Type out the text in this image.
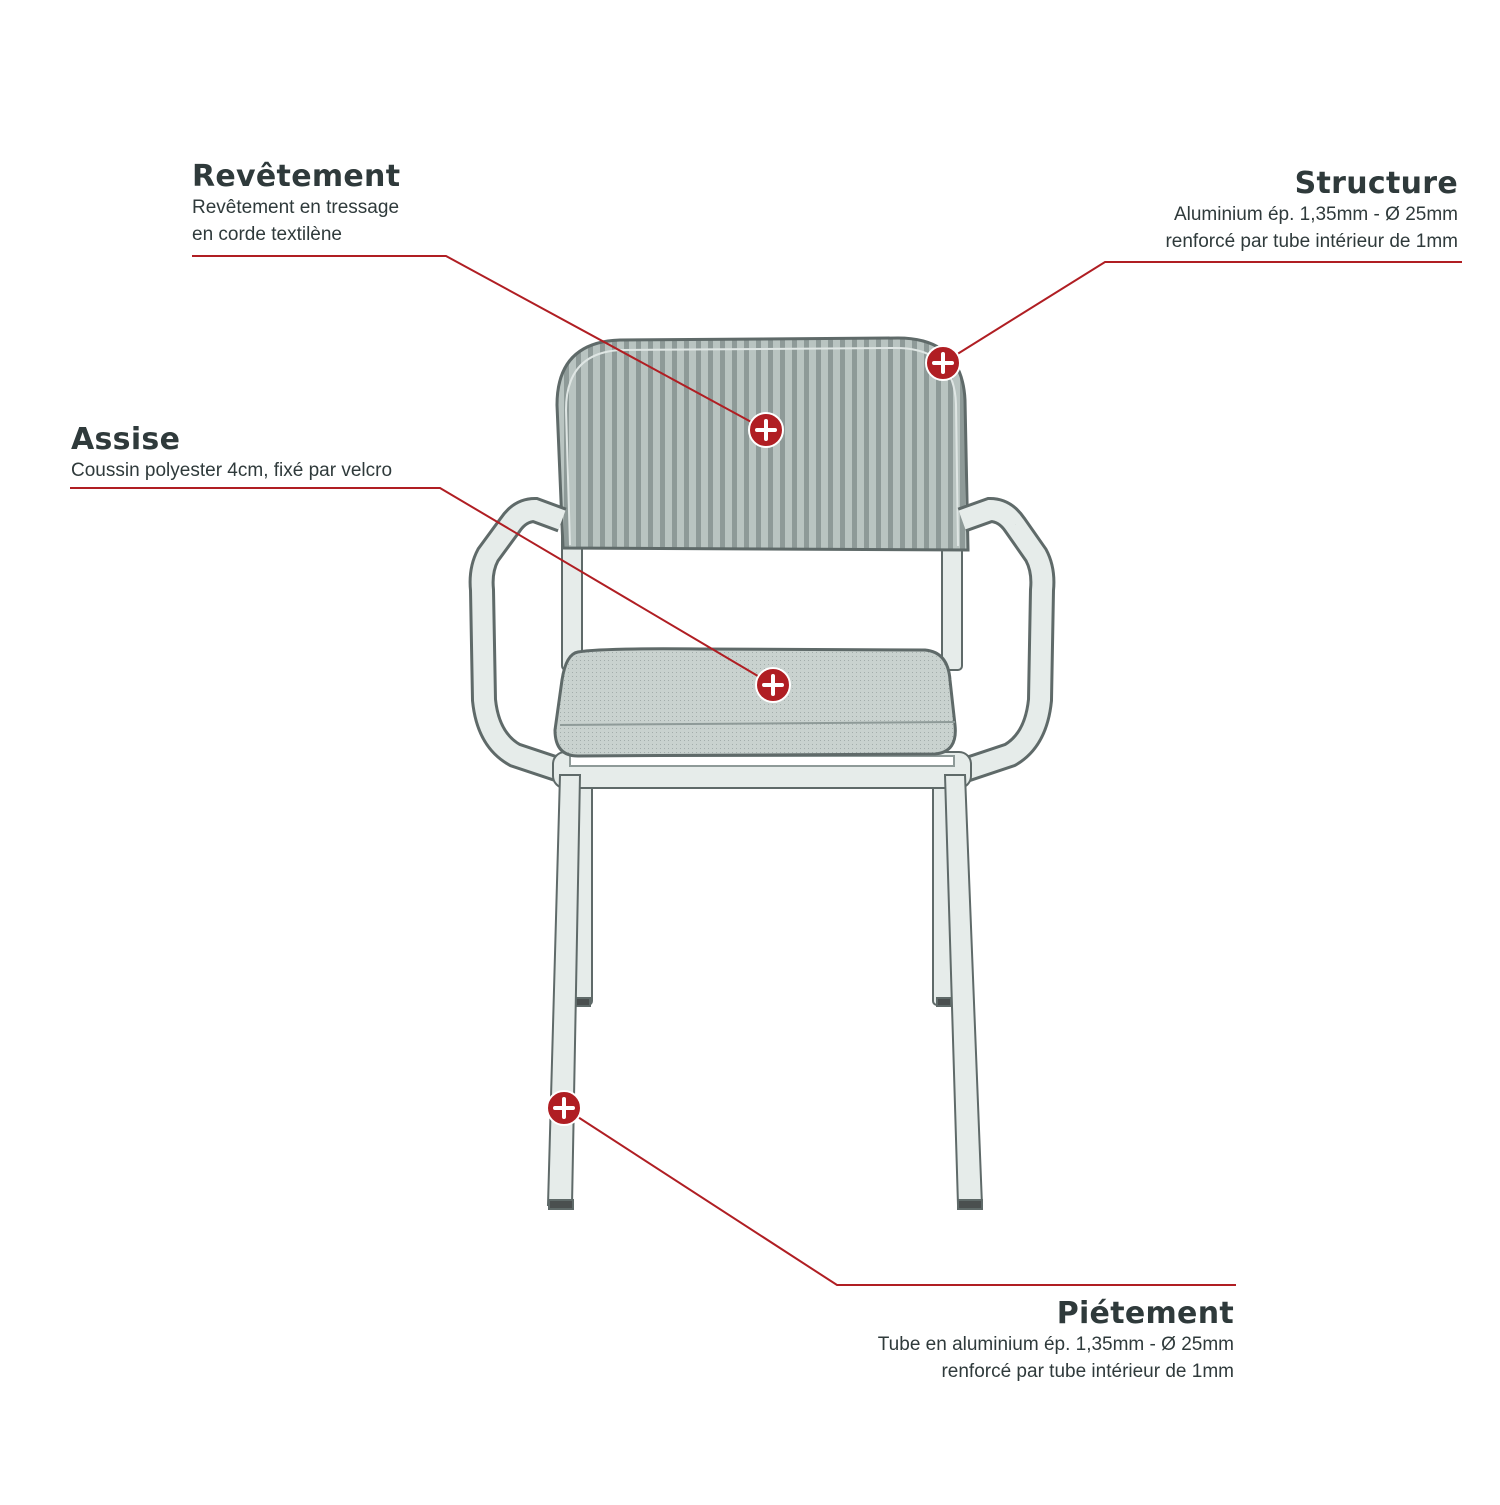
Revêtement
Revêtement en tressage
en corde textilène
Structure
Aluminium ép. 1,35mm - Ø 25mm
renforcé par tube intérieur de 1mm
Assise
Coussin polyester 4cm, fixé par velcro
Piétement
Tube en aluminium ép. 1,35mm - Ø 25mm
renforcé par tube intérieur de 1mm
